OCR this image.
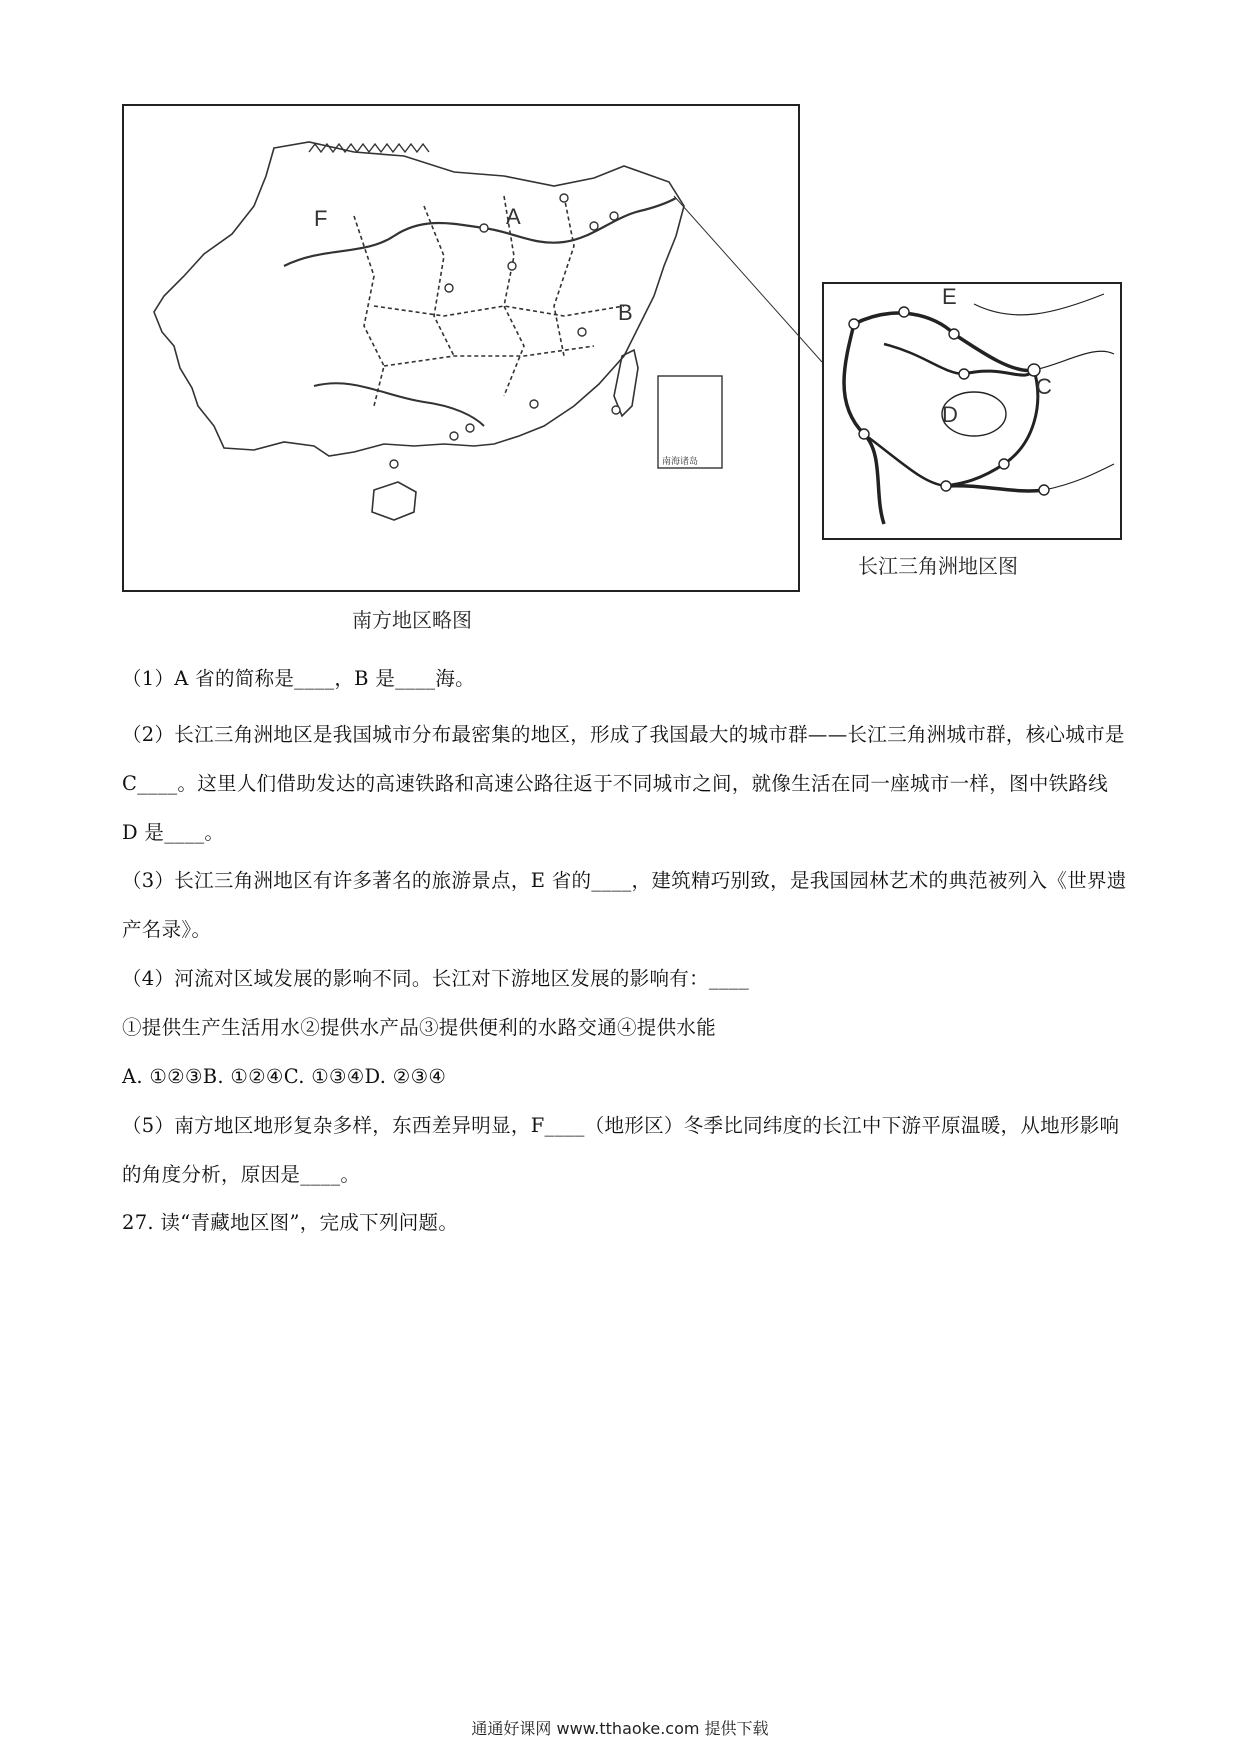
F	A
B
南海诸岛
E
C
D
南方地区略图
长江三角洲地区图

（1）A 省的简称是____，B 是____海。

（2）长江三角洲地区是我国城市分布最密集的地区，形成了我国最大的城市群——长江三角洲城市群，核心城市是 C____。这里人们借助发达的高速铁路和高速公路往返于不同城市之间，就像生活在同一座城市一样，图中铁路线 D 是____。

（3）长江三角洲地区有许多著名的旅游景点，E 省的____，建筑精巧别致，是我国园林艺术的典范被列入《世界遗产名录》。

（4）河流对区域发展的影响不同。长江对下游地区发展的影响有：____

①提供生产生活用水②提供水产品③提供便利的水路交通④提供水能

A. ①②③B. ①②④C. ①③④D. ②③④

（5）南方地区地形复杂多样，东西差异明显，F____（地形区）冬季比同纬度的长江中下游平原温暖，从地形影响的角度分析，原因是____。

27. 读“青藏地区图”，完成下列问题。

通通好课网 www.tthaoke.com 提供下载
